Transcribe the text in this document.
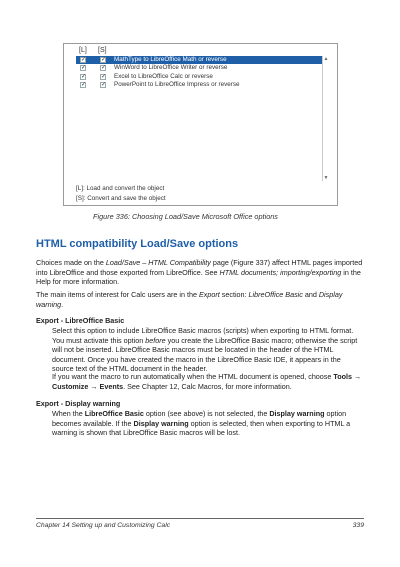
[L] [S]
✓ ✓ MathType to LibreOffice Math or reverse
✓ ✓ WinWord to LibreOffice Writer or reverse
✓ ✓ Excel to LibreOffice Calc or reverse
✓ ✓ PowerPoint to LibreOffice Impress or reverse
▲
▼
[L]: Load and convert the object
[S]: Convert and save the object
Figure 336: Choosing Load/Save Microsoft Office options
HTML compatibility Load/Save options
Choices made on the Load/Save – HTML Compatibility page (Figure 337) affect HTML pages imported into LibreOffice and those exported from LibreOffice. See HTML documents; importing/exporting in the Help for more information.
The main items of interest for Calc users are in the Export section: LibreOffice Basic and Display warning.
Export - LibreOffice Basic
Select this option to include LibreOffice Basic macros (scripts) when exporting to HTML format. You must activate this option before you create the LibreOffice Basic macro; otherwise the script will not be inserted. LibreOffice Basic macros must be located in the header of the HTML document. Once you have created the macro in the LibreOffice Basic IDE, it appears in the source text of the HTML document in the header.
If you want the macro to run automatically when the HTML document is opened, choose Tools → Customize → Events. See Chapter 12, Calc Macros, for more information.
Export - Display warning
When the LibreOffice Basic option (see above) is not selected, the Display warning option becomes available. If the Display warning option is selected, then when exporting to HTML a warning is shown that LibreOffice Basic macros will be lost.
Chapter 14 Setting up and Customizing Calc	339
